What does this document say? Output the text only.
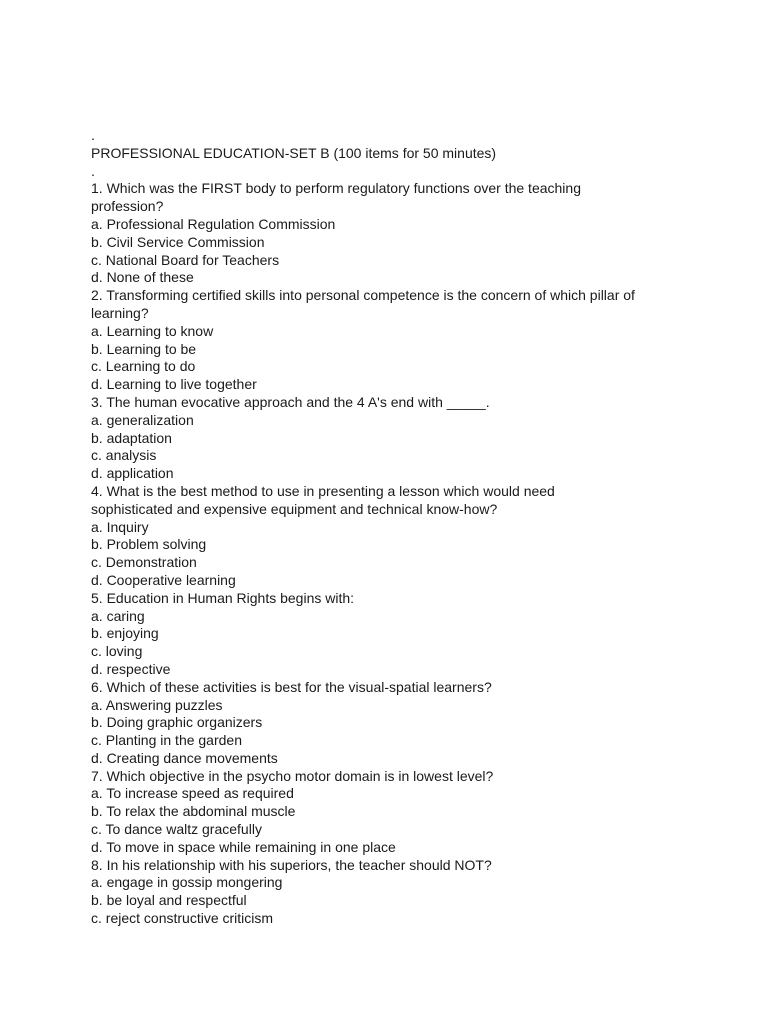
.
PROFESSIONAL EDUCATION-SET B (100 items for 50 minutes)
.
1. Which was the FIRST body to perform regulatory functions over the teaching
profession?
a. Professional Regulation Commission
b. Civil Service Commission
c. National Board for Teachers
d. None of these
2. Transforming certified skills into personal competence is the concern of which pillar of
learning?
a. Learning to know
b. Learning to be
c. Learning to do
d. Learning to live together
3. The human evocative approach and the 4 A's end with _____.
a. generalization
b. adaptation
c. analysis
d. application
4. What is the best method to use in presenting a lesson which would need
sophisticated and expensive equipment and technical know-how?
a. Inquiry
b. Problem solving
c. Demonstration
d. Cooperative learning
5. Education in Human Rights begins with:
a. caring
b. enjoying
c. loving
d. respective
6. Which of these activities is best for the visual-spatial learners?
a. Answering puzzles
b. Doing graphic organizers
c. Planting in the garden
d. Creating dance movements
7. Which objective in the psycho motor domain is in lowest level?
a. To increase speed as required
b. To relax the abdominal muscle
c. To dance waltz gracefully
d. To move in space while remaining in one place
8. In his relationship with his superiors, the teacher should NOT?
a. engage in gossip mongering
b. be loyal and respectful
c. reject constructive criticism
